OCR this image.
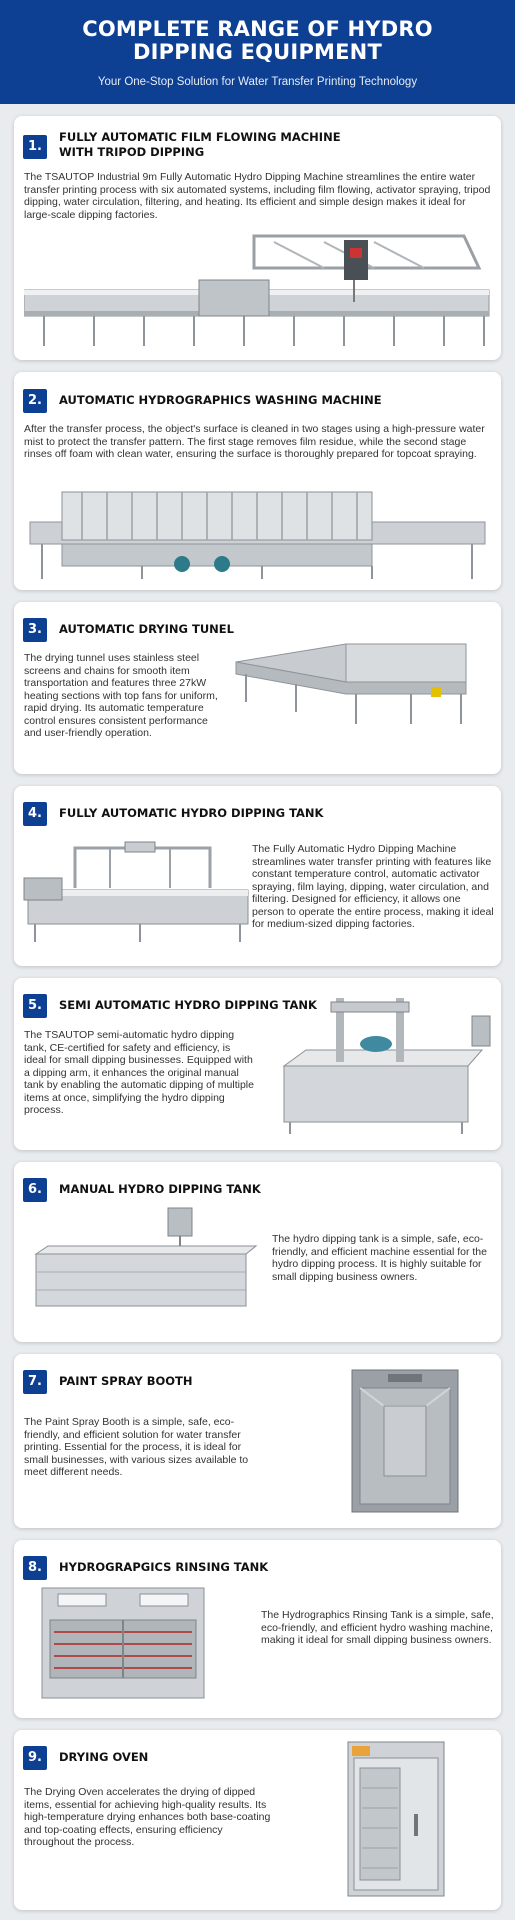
COMPLETE RANGE OF HYDRO
DIPPING EQUIPMENT
Your One-Stop Solution for Water Transfer Printing Technology
1.
FULLY AUTOMATIC FILM FLOWING MACHINE
WITH TRIPOD DIPPING
The TSAUTOP Industrial 9m Fully Automatic Hydro Dipping Machine streamlines the entire water transfer printing process with six automated systems, including film flowing, activator spraying, tripod dipping, water circulation, filtering, and heating. Its efficient and simple design makes it ideal for large-scale dipping factories.
2.	AUTOMATIC HYDROGRAPHICS WASHING MACHINE
After the transfer process, the object's surface is cleaned in two stages using a high-pressure water mist to protect the transfer pattern. The first stage removes film residue, while the second stage rinses off foam with clean water, ensuring the surface is thoroughly prepared for topcoat spraying.
3.	AUTOMATIC DRYING TUNEL
The drying tunnel uses stainless steel screens and chains for smooth item transportation and features three 27kW heating sections with top fans for uniform, rapid drying. Its automatic temperature control ensures consistent performance and user-friendly operation.
4.	FULLY AUTOMATIC HYDRO DIPPING TANK
The Fully Automatic Hydro Dipping Machine streamlines water transfer printing with features like constant temperature control, automatic activator spraying, film laying, dipping, water circulation, and filtering. Designed for efficiency, it allows one person to operate the entire process, making it ideal for medium-sized dipping factories.
5.	SEMI AUTOMATIC HYDRO DIPPING TANK
The TSAUTOP semi-automatic hydro dipping tank, CE-certified for safety and efficiency, is ideal for small dipping businesses. Equipped with a dipping arm, it enhances the original manual tank by enabling the automatic dipping of multiple items at once, simplifying the hydro dipping process.
6.	MANUAL HYDRO DIPPING TANK
The hydro dipping tank is a simple, safe, eco-friendly, and efficient machine essential for the hydro dipping process. It is highly suitable for small dipping business owners.
7.	PAINT SPRAY BOOTH
The Paint Spray Booth is a simple, safe, eco-friendly, and efficient solution for water transfer printing. Essential for the process, it is ideal for small businesses, with various sizes available to meet different needs.
8.	HYDROGRAPGICS RINSING TANK
The Hydrographics Rinsing Tank is a simple, safe, eco-friendly, and efficient hydro washing machine, making it ideal for small dipping business owners.
9.	DRYING OVEN
The Drying Oven accelerates the drying of dipped items, essential for achieving high-quality results. Its high-temperature drying enhances both base-coating and top-coating effects, ensuring efficiency throughout the process.
